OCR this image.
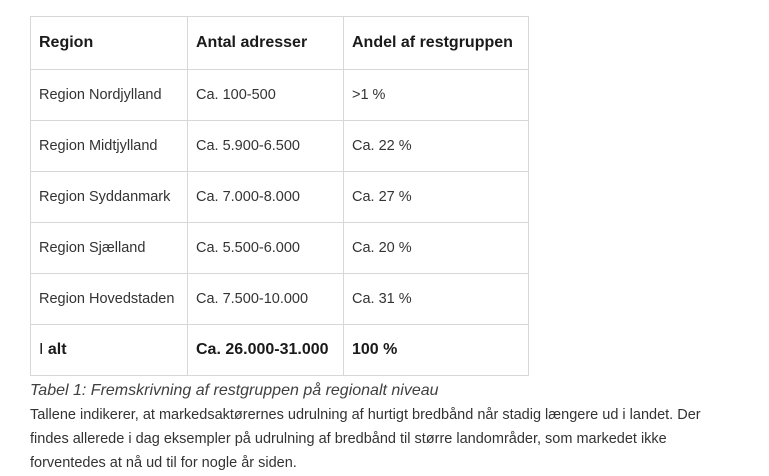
Region	Antal adresser	Andel af restgruppen
Region Nordjylland	Ca. 100-500	>1 %
Region Midtjylland	Ca. 5.900-6.500	Ca. 22 %
Region Syddanmark	Ca. 7.000-8.000	Ca. 27 %
Region Sjælland	Ca. 5.500-6.000	Ca. 20 %
Region Hovedstaden	Ca. 7.500-10.000	Ca. 31 %
I alt	Ca. 26.000-31.000	100 %
Tabel 1: Fremskrivning af restgruppen på regionalt niveau

Tallene indikerer, at markedsaktørernes udrulning af hurtigt bredbånd når stadig længere ud i landet. Der
findes allerede i dag eksempler på udrulning af bredbånd til større landområder, som markedet ikke
forventedes at nå ud til for nogle år siden.
